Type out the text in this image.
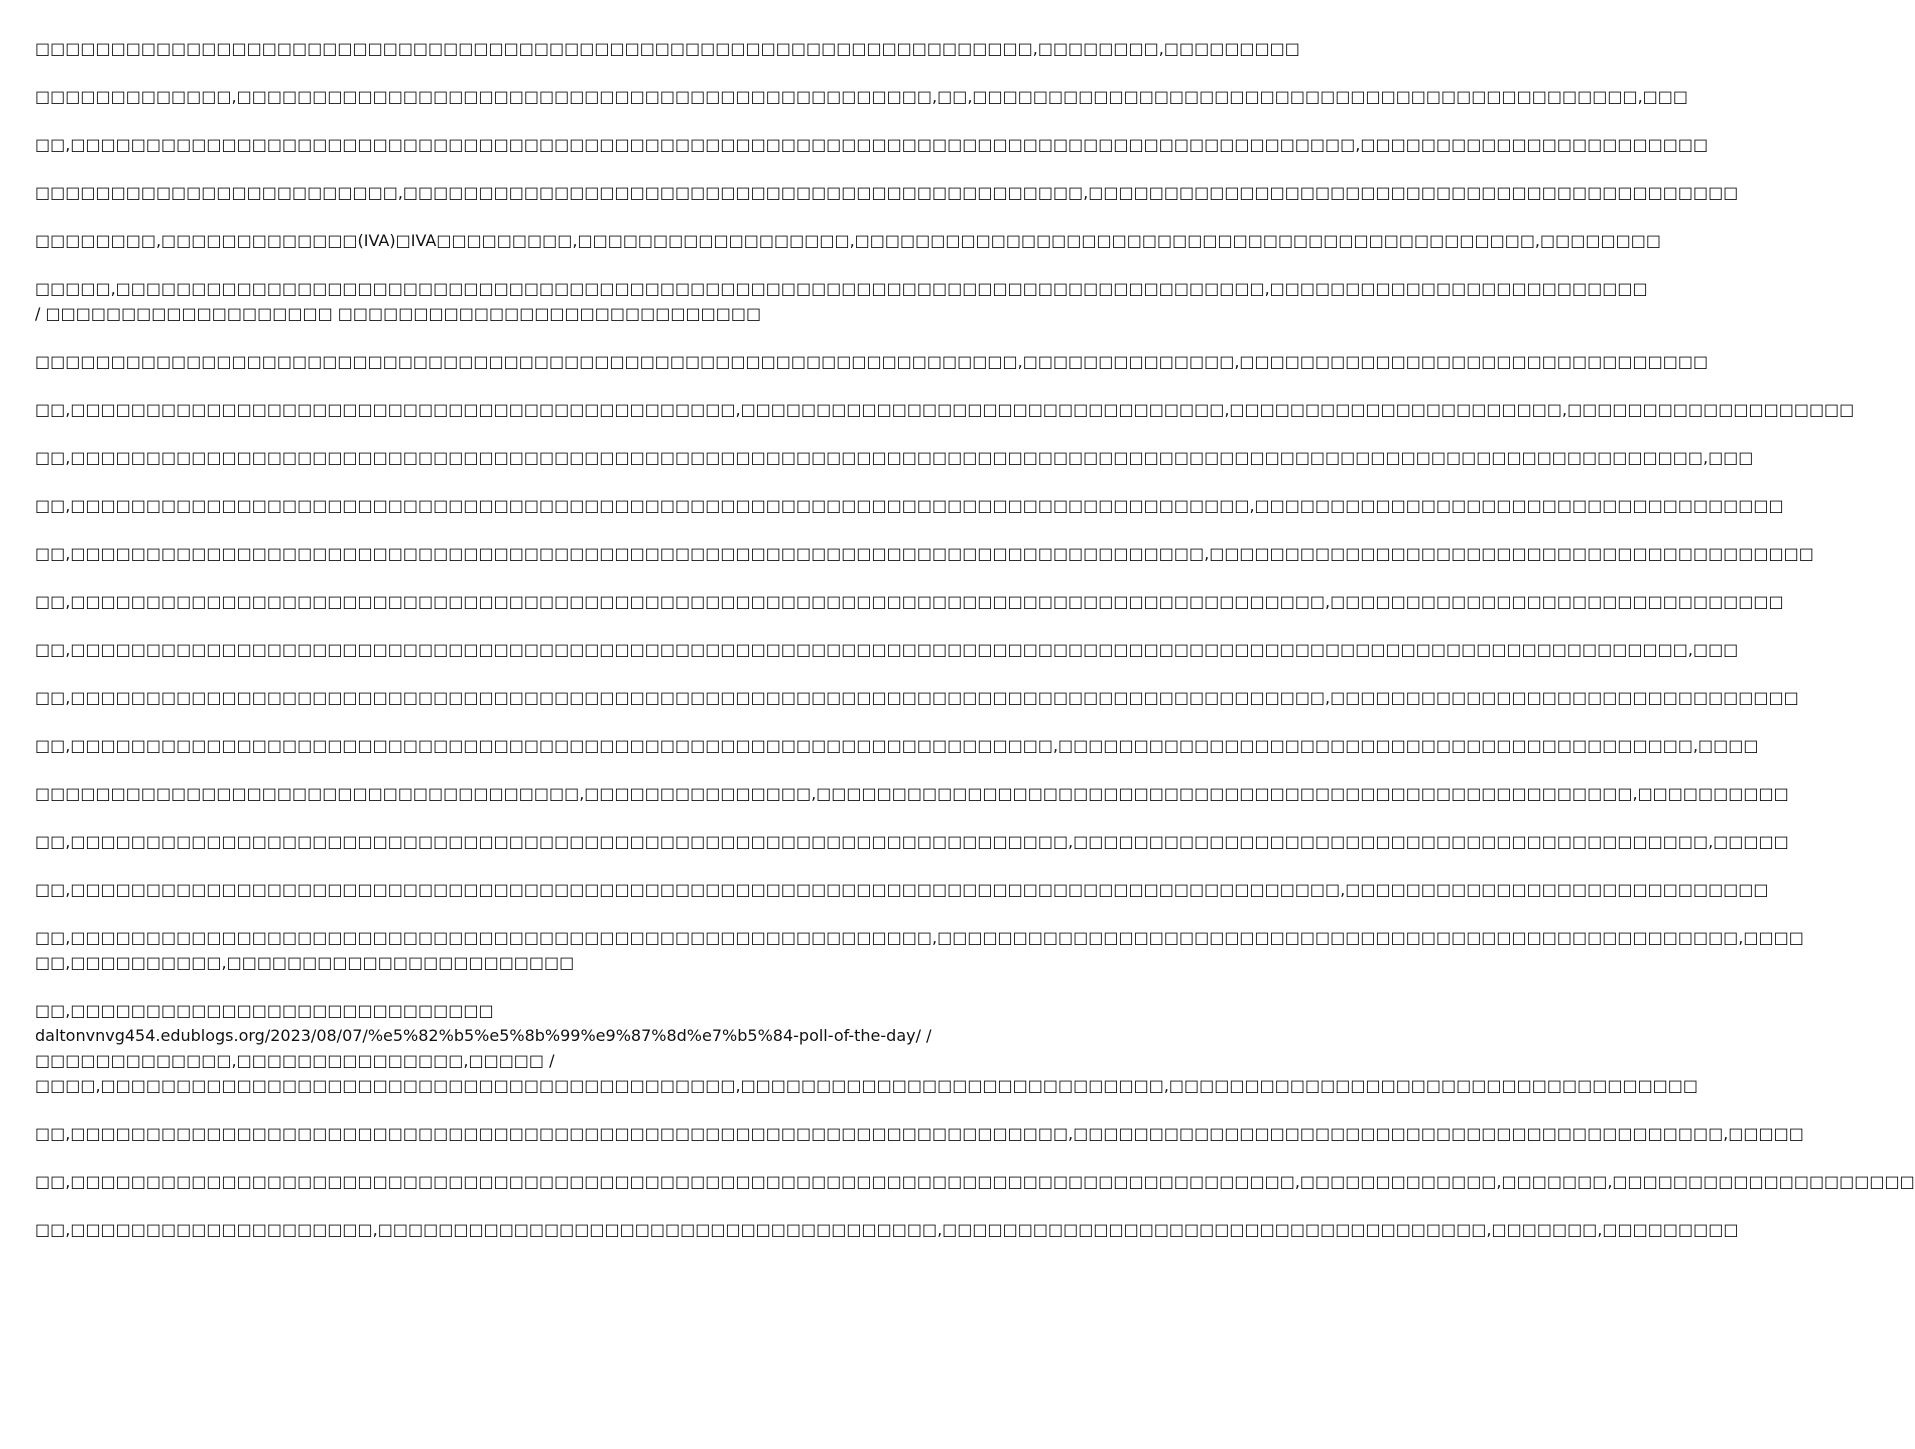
□□□□□□□□□□□□□□□□□□□□□□□□□□□□□□□□□□□□□□□□□□□□□□□□□□□□□□□□□□□□□□□□□□,□□□□□□□□,□□□□□□□□□

□□□□□□□□□□□□□,□□□□□□□□□□□□□□□□□□□□□□□□□□□□□□□□□□□□□□□□□□□□□□,□□,□□□□□□□□□□□□□□□□□□□□□□□□□□□□□□□□□□□□□□□□□□□□,□□□

□□,□□□□□□□□□□□□□□□□□□□□□□□□□□□□□□□□□□□□□□□□□□□□□□□□□□□□□□□□□□□□□□□□□□□□□□□□□□□□□□□□□□□□□,□□□□□□□□□□□□□□□□□□□□□□□

□□□□□□□□□□□□□□□□□□□□□□□□,□□□□□□□□□□□□□□□□□□□□□□□□□□□□□□□□□□□□□□□□□□□□□,□□□□□□□□□□□□□□□□□□□□□□□□□□□□□□□□□□□□□□□□□□□

□□□□□□□□,□□□□□□□□□□□□□(IVA)□IVA□□□□□□□□□,□□□□□□□□□□□□□□□□□□,□□□□□□□□□□□□□□□□□□□□□□□□□□□□□□□□□□□□□□□□□□□□□,□□□□□□□□

□□□□□,□□□□□□□□□□□□□□□□□□□□□□□□□□□□□□□□□□□□□□□□□□□□□□□□□□□□□□□□□□□□□□□□□□□□□□□□□□□□,□□□□□□□□□□□□□□□□□□□□□□□□□
/ □□□□□□□□□□□□□□□□□□□ □□□□□□□□□□□□□□□□□□□□□□□□□□□□

□□□□□□□□□□□□□□□□□□□□□□□□□□□□□□□□□□□□□□□□□□□□□□□□□□□□□□□□□□□□□□□□□,□□□□□□□□□□□□□□,□□□□□□□□□□□□□□□□□□□□□□□□□□□□□□□

□□,□□□□□□□□□□□□□□□□□□□□□□□□□□□□□□□□□□□□□□□□□□□□,□□□□□□□□□□□□□□□□□□□□□□□□□□□□□□□□,□□□□□□□□□□□□□□□□□□□□□□,□□□□□□□□□□□□□□□□□□□

□□,□□□□□□□□□□□□□□□□□□□□□□□□□□□□□□□□□□□□□□□□□□□□□□□□□□□□□□□□□□□□□□□□□□□□□□□□□□□□□□□□□□□□□□□□□□□□□□□□□□□□□□□□□□□□,□□□

□□,□□□□□□□□□□□□□□□□□□□□□□□□□□□□□□□□□□□□□□□□□□□□□□□□□□□□□□□□□□□□□□□□□□□□□□□□□□□□□□,□□□□□□□□□□□□□□□□□□□□□□□□□□□□□□□□□□□

□□,□□□□□□□□□□□□□□□□□□□□□□□□□□□□□□□□□□□□□□□□□□□□□□□□□□□□□□□□□□□□□□□□□□□□□□□□□□□,□□□□□□□□□□□□□□□□□□□□□□□□□□□□□□□□□□□□□□□□

□□,□□□□□□□□□□□□□□□□□□□□□□□□□□□□□□□□□□□□□□□□□□□□□□□□□□□□□□□□□□□□□□□□□□□□□□□□□□□□□□□□□□□,□□□□□□□□□□□□□□□□□□□□□□□□□□□□□□

□□,□□□□□□□□□□□□□□□□□□□□□□□□□□□□□□□□□□□□□□□□□□□□□□□□□□□□□□□□□□□□□□□□□□□□□□□□□□□□□□□□□□□□□□□□□□□□□□□□□□□□□□□□□□□,□□□

□□,□□□□□□□□□□□□□□□□□□□□□□□□□□□□□□□□□□□□□□□□□□□□□□□□□□□□□□□□□□□□□□□□□□□□□□□□□□□□□□□□□□□,□□□□□□□□□□□□□□□□□□□□□□□□□□□□□□□

□□,□□□□□□□□□□□□□□□□□□□□□□□□□□□□□□□□□□□□□□□□□□□□□□□□□□□□□□□□□□□□□□□□□,□□□□□□□□□□□□□□□□□□□□□□□□□□□□□□□□□□□□□□□□□□,□□□□

□□□□□□□□□□□□□□□□□□□□□□□□□□□□□□□□□□□□,□□□□□□□□□□□□□□□,□□□□□□□□□□□□□□□□□□□□□□□□□□□□□□□□□□□□□□□□□□□□□□□□□□□□□□,□□□□□□□□□□

□□,□□□□□□□□□□□□□□□□□□□□□□□□□□□□□□□□□□□□□□□□□□□□□□□□□□□□□□□□□□□□□□□□□□,□□□□□□□□□□□□□□□□□□□□□□□□□□□□□□□□□□□□□□□□□□,□□□□□

□□,□□□□□□□□□□□□□□□□□□□□□□□□□□□□□□□□□□□□□□□□□□□□□□□□□□□□□□□□□□□□□□□□□□□□□□□□□□□□□□□□□□□□,□□□□□□□□□□□□□□□□□□□□□□□□□□□□

□□,□□□□□□□□□□□□□□□□□□□□□□□□□□□□□□□□□□□□□□□□□□□□□□□□□□□□□□□□□,□□□□□□□□□□□□□□□□□□□□□□□□□□□□□□□□□□□□□□□□□□□□□□□□□□□□□,□□□□
□□,□□□□□□□□□□,□□□□□□□□□□□□□□□□□□□□□□□

□□,□□□□□□□□□□□□□□□□□□□□□□□□□□□□
daltonvnvg454.edublogs.org/2023/08/07/%e5%82%b5%e5%8b%99%e9%87%8d%e7%b5%84-poll-of-the-day/ /
□□□□□□□□□□□□□,□□□□□□□□□□□□□□□,□□□□□ /
□□□□,□□□□□□□□□□□□□□□□□□□□□□□□□□□□□□□□□□□□□□□□□□,□□□□□□□□□□□□□□□□□□□□□□□□□□□□,□□□□□□□□□□□□□□□□□□□□□□□□□□□□□□□□□□□

□□,□□□□□□□□□□□□□□□□□□□□□□□□□□□□□□□□□□□□□□□□□□□□□□□□□□□□□□□□□□□□□□□□□□,□□□□□□□□□□□□□□□□□□□□□□□□□□□□□□□□□□□□□□□□□□□,□□□□□

□□,□□□□□□□□□□□□□□□□□□□□□□□□□□□□□□□□□□□□□□□□□□□□□□□□□□□□□□□□□□□□□□□□□□□□□□□□□□□□□□□□□,□□□□□□□□□□□□□,□□□□□□□,□□□□□□□□□□□□□□□□□□□□

□□,□□□□□□□□□□□□□□□□□□□□,□□□□□□□□□□□□□□□□□□□□□□□□□□□□□□□□□□□□□,□□□□□□□□□□□□□□□□□□□□□□□□□□□□□□□□□□□□,□□□□□□□,□□□□□□□□□
